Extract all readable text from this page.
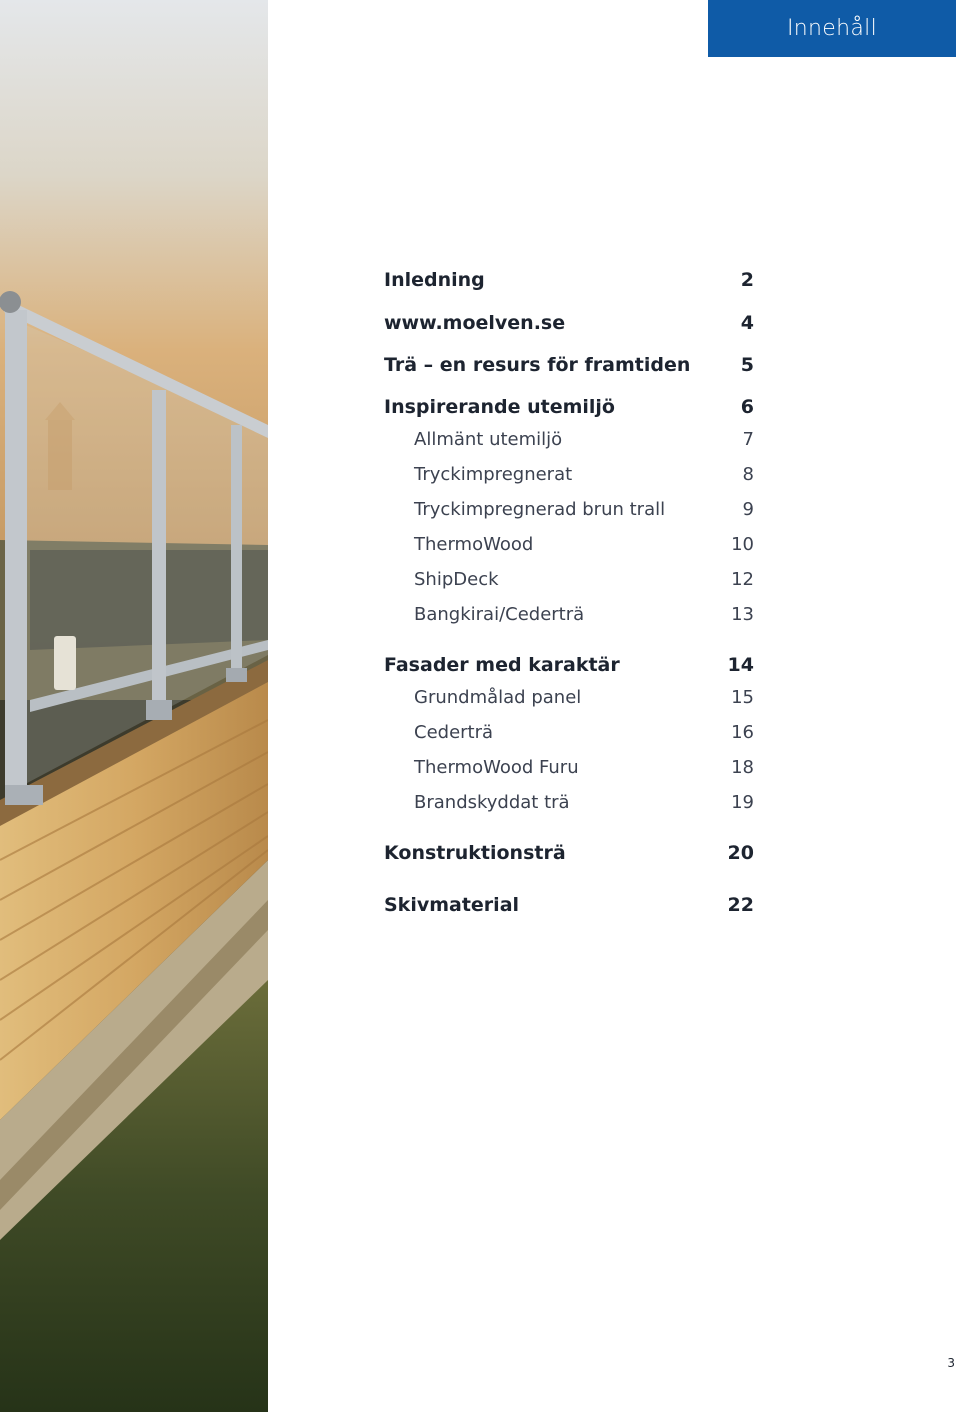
Innehåll
Inledning	2
www.moelven.se	4
Trä – en resurs för framtiden	5
Inspirerande utemiljö	6
Allmänt utemiljö	7
Tryckimpregnerat	8
Tryckimpregnerad brun trall	9
ThermoWood	10
ShipDeck	12
Bangkirai/Cederträ	13
Fasader med karaktär	14
Grundmålad panel	15
Cederträ	16
ThermoWood Furu	18
Brandskyddat trä	19
Konstruktionsträ	20
Skivmaterial	22
3
